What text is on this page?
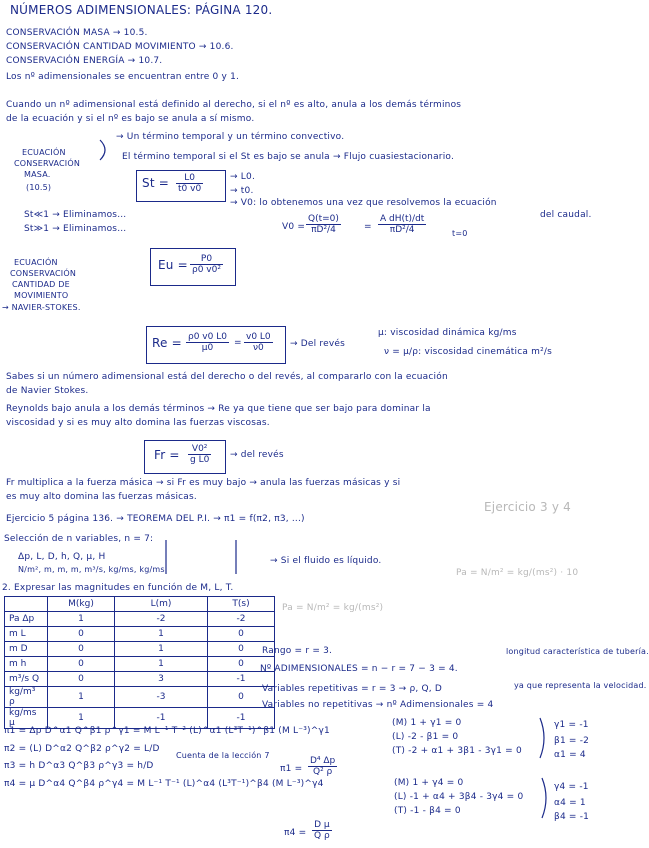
NÚMEROS ADIMENSIONALES: PÁGINA 120.
CONSERVACIÓN MASA → 10.5.
CONSERVACIÓN CANTIDAD MOVIMIENTO → 10.6.
CONSERVACIÓN ENERGÍA → 10.7.
Los nº adimensionales se encuentran entre 0 y 1.
Cuando un nº adimensional está definido al derecho, si el nº es alto, anula a los demás términos
de la ecuación y si el nº es bajo se anula a sí mismo.
ECUACIÓN
CONSERVACIÓN
MASA.
(10.5)
→ Un término temporal y un término convectivo.
El término temporal si el St es bajo se anula → Flujo cuasiestacionario.
$St = \frac{L0}{t0 v0}$	→ L0.
→ t0.
→ V0: lo obtenemos una vez que resolvemos la ecuación
del caudal.
$V0 = \frac{Q(t=0)}{\text{πD²/4}}$	= $\frac{\text{A dH(t)/dt}}{\text{πD²/4}}$	t=0
St≪1 → Eliminamos...
St≫1 → Eliminamos...
ECUACIÓN
CONSERVACIÓN
CANTIDAD DE
MOVIMIENTO
→ NAVIER-STOKES.
$Eu = \frac{P0}{\text{ρ0 v0²}}$
$Re = \frac{\rho 0 v0 L0}{\mu 0} = \frac{v0 L0}{\nu 0}$ → Del revés
μ: viscosidad dinámica kg/ms
ν = μ/ρ: viscosidad cinemática m²/s
Sabes si un número adimensional está del derecho o del revés, al compararlo con la ecuación
de Navier Stokes.
Reynolds bajo anula a los demás términos → Re ya que tiene que ser bajo para dominar la
viscosidad y si es muy alto domina las fuerzas viscosas.
$Fr = \frac{\text{V0²}}{\text{g L0}}$ → del revés
Fr multiplica a la fuerza másica → si Fr es muy bajo → anula las fuerzas másicas y si
es muy alto domina las fuerzas másicas.
Ejercicio 5 página 136. → TEOREMA DEL P.I. → π1 = f(π2, π3, ...)
Ejercicio 3 y 4
Selección de n variables, n = 7:
Δp, L, D, h, Q, μ, H
N/m², m, m, m, m³/s, kg/ms, kg/ms
→ Si el fluido es líquido.
Pa = N/m² = kg/(ms²) · 10
Pa = N/m² = kg/(ms²)
2. Expresar las magnitudes en función de M, L, T.
	M(kg)	L(m)	T(s)
Pa Δp	1	-2	-2
m L	0	1	0
m D	0	1	0
m h	0	1	0
m³/s Q	0	3	-1
kg/m³ ρ	1	-3	0
kg/ms μ	1	-1	-1
Rango = r = 3.
Nº ADIMENSIONALES = n − r = 7 − 3 = 4.
Variables repetitivas = r = 3 → ρ, Q, D
Variables no repetitivas → nº Adimensionales = 4
longitud característica de tubería.
ya que representa la velocidad.
π1 = Δp D^α1 Q^β1 ρ^γ1 = M L⁻¹ T⁻² (L)^α1 (L³T⁻¹)^β1 (M L⁻³)^γ1
π2 = (L) D^α2 Q^β2 ρ^γ2 = L/D
π3 = h D^α3 Q^β3 ρ^γ3 = h/D
π4 = μ D^α4 Q^β4 ρ^γ4 = M L⁻¹ T⁻¹ (L)^α4 (L³T⁻¹)^β4 (M L⁻³)^γ4
Cuenta de la lección 7
$\pi 1 = \frac{\text{D⁴ Δp}}{\text{Q² ρ}}$
$\pi 4 = \frac{\text{D μ}}{\text{Q ρ}}$
(M) 1 + γ1 = 0
(L) -2 - β1 = 0
(T) -2 + α1 + 3β1 - 3γ1 = 0
γ1 = -1
β1 = -2
α1 = 4
(M) 1 + γ4 = 0
(L) -1 + α4 + 3β4 - 3γ4 = 0
(T) -1 - β4 = 0
γ4 = -1
α4 = 1
β4 = -1
